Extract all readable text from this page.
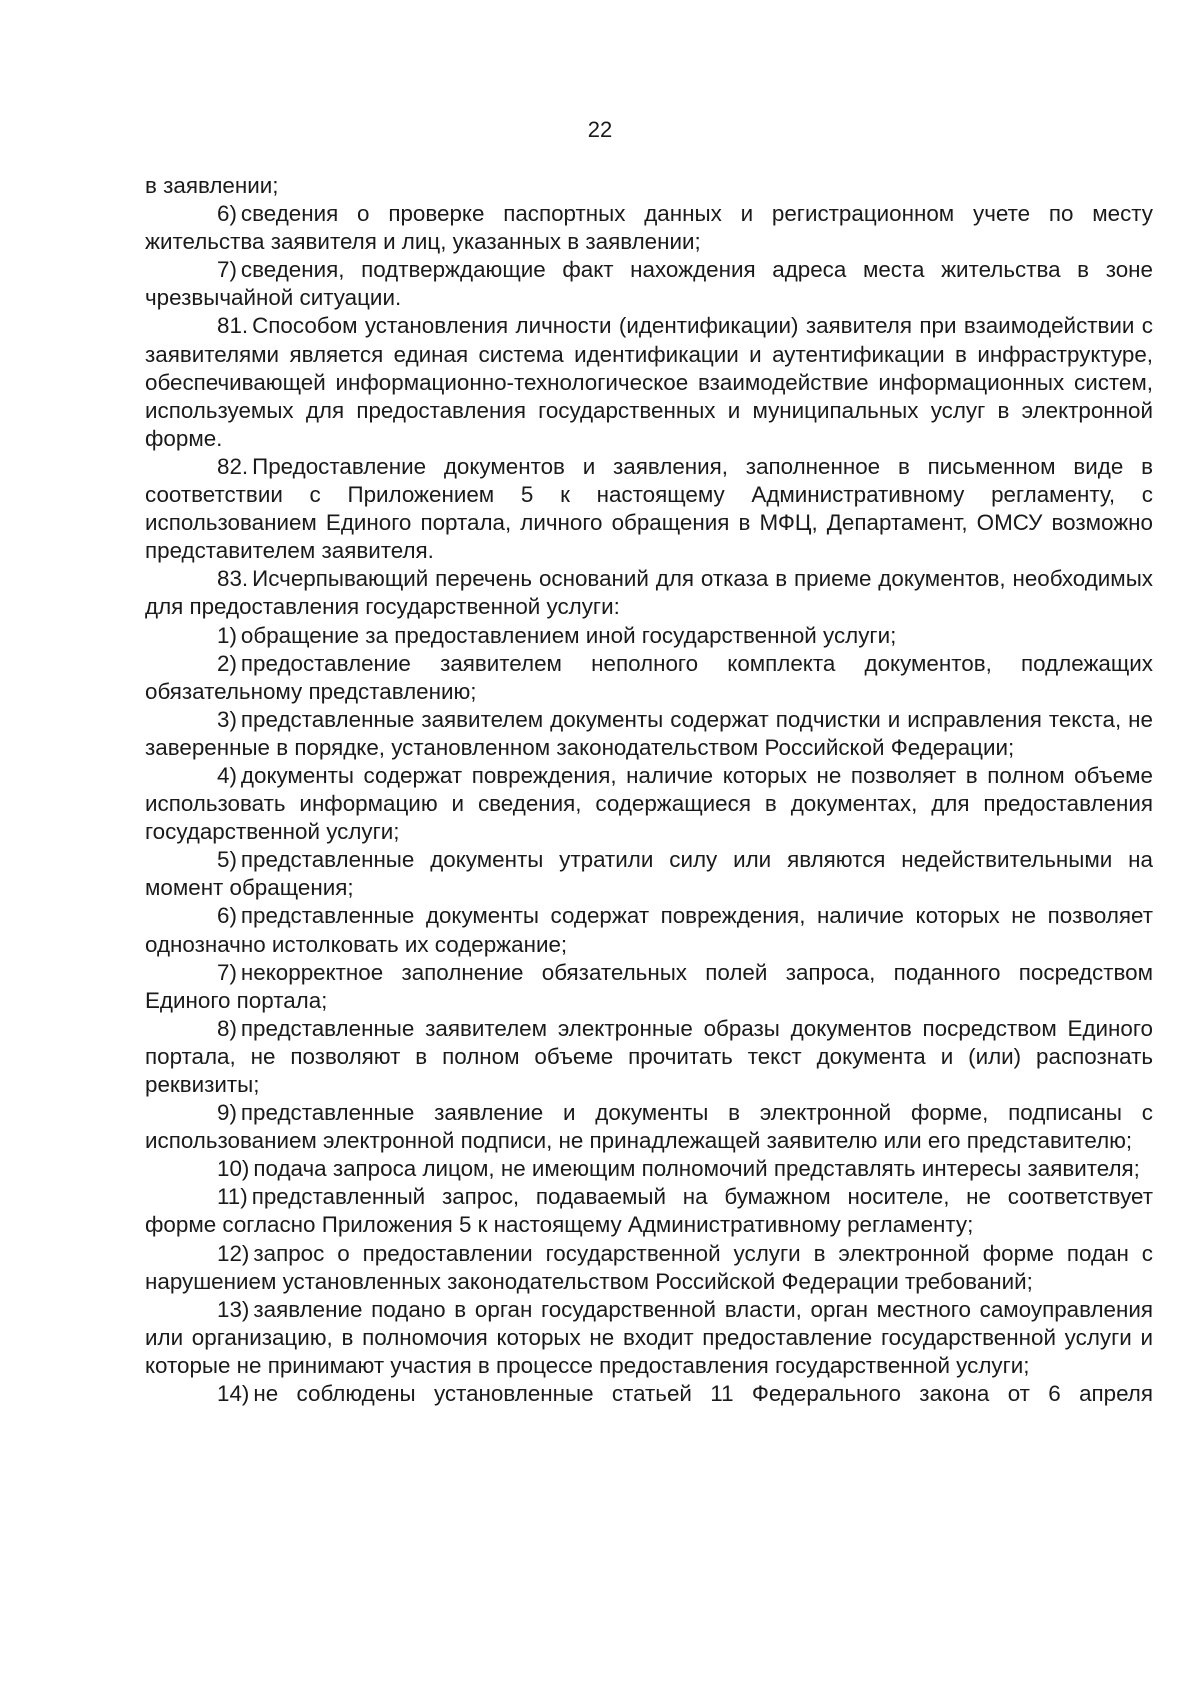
22

в заявлении;

6) сведения о проверке паспортных данных и регистрационном учете по месту жительства заявителя и лиц, указанных в заявлении;

7) сведения, подтверждающие факт нахождения адреса места жительства в зоне чрезвычайной ситуации.

81. Способом установления личности (идентификации) заявителя при взаимодействии с заявителями является единая система идентификации и аутентификации в инфраструктуре, обеспечивающей информационно-технологическое взаимодействие информационных систем, используемых для предоставления государственных и муниципальных услуг в электронной форме.

82. Предоставление документов и заявления, заполненное в письменном виде в соответствии с Приложением 5 к настоящему Административному регламенту, с использованием Единого портала, личного обращения в МФЦ, Департамент, ОМСУ возможно представителем заявителя.

83. Исчерпывающий перечень оснований для отказа в приеме документов, необходимых для предоставления государственной услуги:

1) обращение за предоставлением иной государственной услуги;

2) предоставление заявителем неполного комплекта документов, подлежащих обязательному представлению;

3) представленные заявителем документы содержат подчистки и исправления текста, не заверенные в порядке, установленном законодательством Российской Федерации;

4) документы содержат повреждения, наличие которых не позволяет в полном объеме использовать информацию и сведения, содержащиеся в документах, для предоставления государственной услуги;

5) представленные документы утратили силу или являются недействительными на момент обращения;

6) представленные документы содержат повреждения, наличие которых не позволяет однозначно истолковать их содержание;

7) некорректное заполнение обязательных полей запроса, поданного посредством Единого портала;

8) представленные заявителем электронные образы документов посредством Единого портала, не позволяют в полном объеме прочитать текст документа и (или) распознать реквизиты;

9) представленные заявление и документы в электронной форме, подписаны с использованием электронной подписи, не принадлежащей заявителю или его представителю;

10) подача запроса лицом, не имеющим полномочий представлять интересы заявителя;

11) представленный запрос, подаваемый на бумажном носителе, не соответствует форме согласно Приложения 5 к настоящему Административному регламенту;

12) запрос о предоставлении государственной услуги в электронной форме подан с нарушением установленных законодательством Российской Федерации требований;

13) заявление подано в орган государственной власти, орган местного самоуправления или организацию, в полномочия которых не входит предоставление государственной услуги и которые не принимают участия в процессе предоставления государственной услуги;

14) не соблюдены установленные статьей 11 Федерального закона от 6 апреля
